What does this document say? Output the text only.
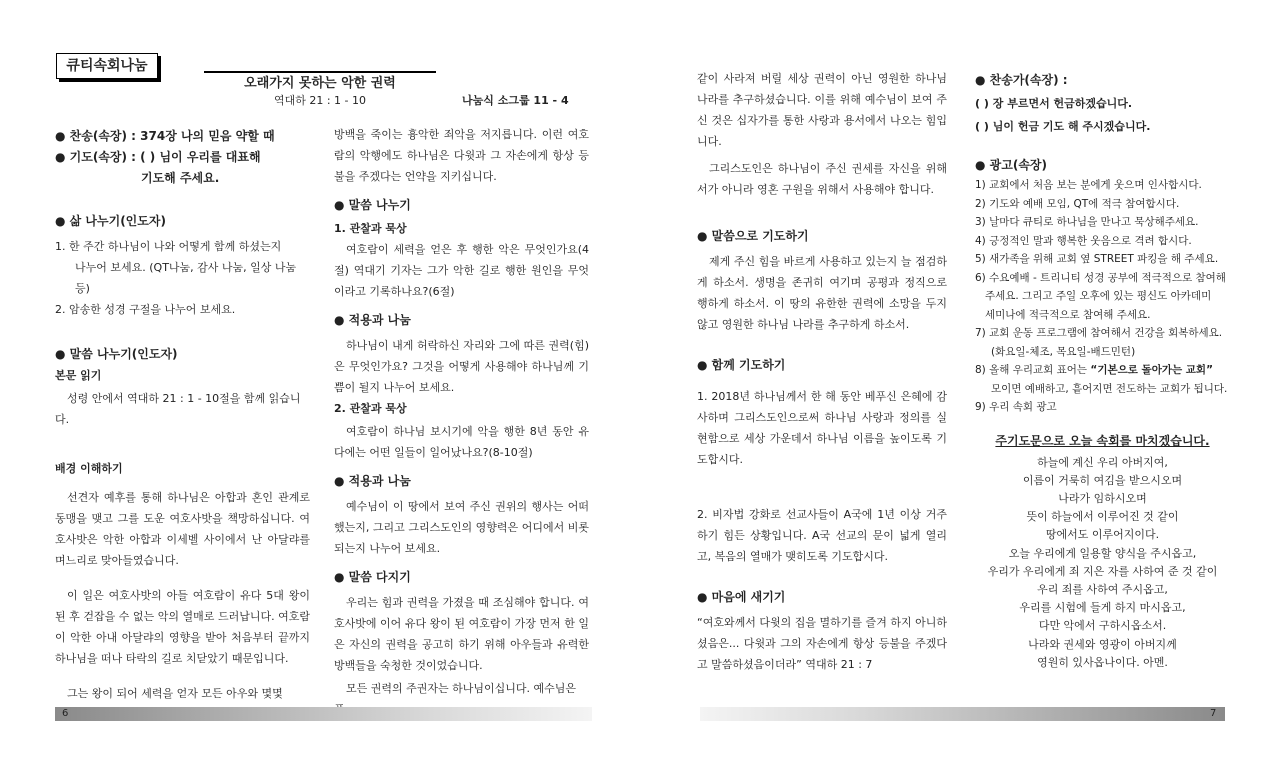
큐티속회나눔
오래가지 못하는 악한 권력
역대하 21 : 1 - 10	나눔식 소그룹 11 - 4

● 찬송(속장) : 374장 나의 믿음 약할 때

● 기도(속장) : ( ) 님이 우리를 대표해

기도해 주세요.

● 삶 나누기(인도자)

1. 한 주간 하나님이 나와 어떻게 함께 하셨는지

나누어 보세요. (QT나눔, 감사 나눔, 일상 나눔 등)

2. 암송한 성경 구절을 나누어 보세요.

● 말씀 나누기(인도자)

본문 읽기

성령 안에서 역대하 21 : 1 - 10절을 함께 읽습니다.

배경 이해하기

선견자 예후를 통해 하나님은 아합과 혼인 관계로 동맹을 맺고 그를 도운 여호사밧을 책망하십니다. 여호사밧은 악한 아합과 이세벨 사이에서 난 아달랴를 며느리로 맞아들였습니다.

이 일은 여호사밧의 아들 여호람이 유다 5대 왕이 된 후 걷잡을 수 없는 악의 열매로 드러납니다. 여호람이 악한 아내 아달랴의 영향을 받아 처음부터 끝까지 하나님을 떠나 타락의 길로 치닫았기 때문입니다.

그는 왕이 되어 세력을 얻자 모든 아우와 몇몇

방백을 죽이는 흉악한 죄악을 저지릅니다. 이런 여호람의 악행에도 하나님은 다윗과 그 자손에게 항상 등불을 주겠다는 언약을 지키십니다.

● 말씀 나누기

1. 관찰과 묵상

여호람이 세력을 얻은 후 행한 악은 무엇인가요(4절) 역대기 기자는 그가 악한 길로 행한 원인을 무엇이라고 기록하나요?(6절)

● 적용과 나눔

하나님이 내게 허락하신 자리와 그에 따른 권력(힘)은 무엇인가요? 그것을 어떻게 사용해야 하나님께 기쁨이 될지 나누어 보세요.

2. 관찰과 묵상

여호람이 하나님 보시기에 악을 행한 8년 동안 유다에는 어떤 일들이 일어났나요?(8-10절)

● 적용과 나눔

예수님이 이 땅에서 보여 주신 권위의 행사는 어떠했는지, 그리고 그리스도인의 영향력은 어디에서 비롯되는지 나누어 보세요.

● 말씀 다지기

우리는 힘과 권력을 가졌을 때 조심해야 합니다. 여호사밧에 이어 유다 왕이 된 여호람이 가장 먼저 한 일은 자신의 권력을 공고히 하기 위해 아우들과 유력한 방백들을 숙청한 것이었습니다.

모든 권력의 주권자는 하나님이십니다. 예수님은

같이 사라져 버릴 세상 권력이 아닌 영원한 하나님 나라를 추구하셨습니다. 이를 위해 예수님이 보여 주신 것은 십자가를 통한 사랑과 용서에서 나오는 힘입니다.

그리스도인은 하나님이 주신 권세를 자신을 위해서가 아니라 영혼 구원을 위해서 사용해야 합니다.

● 말씀으로 기도하기

제게 주신 힘을 바르게 사용하고 있는지 늘 점검하게 하소서. 생명을 존귀히 여기며 공평과 정직으로 행하게 하소서. 이 땅의 유한한 권력에 소망을 두지 않고 영원한 하나님 나라를 추구하게 하소서.

● 함께 기도하기

1. 2018년 하나님께서 한 해 동안 베푸신 은혜에 감사하며 그리스도인으로써 하나님 사랑과 정의를 실현함으로 세상 가운데서 하나님 이름을 높이도록 기도합시다.

2. 비자법 강화로 선교사들이 A국에 1년 이상 거주하기 힘든 상황입니다. A국 선교의 문이 넓게 열리고, 복음의 열매가 맺히도록 기도합시다.

● 마음에 새기기

“여호와께서 다윗의 집을 멸하기를 즐겨 하지 아니하셨음은... 다윗과 그의 자손에게 항상 등불을 주겠다고 말씀하셨음이더라” 역대하 21 : 7

● 찬송가(속장) :

( ) 장 부르면서 헌금하겠습니다.

( ) 님이 헌금 기도 해 주시겠습니다.

● 광고(속장)

1) 교회에서 처음 보는 분에게 웃으며 인사합시다.

2) 기도와 예배 모임, QT에 적극 참여합시다.

3) 날마다 큐티로 하나님을 만나고 묵상해주세요.

4) 긍정적인 말과 행복한 웃음으로 격려 합시다.

5) 새가족을 위해 교회 옆 STREET 파킹을 해 주세요.

6) 수요예배 - 트리니티 성경 공부에 적극적으로 참여해

주세요. 그리고 주일 오후에 있는 평신도 아카데미

세미나에 적극적으로 참여해 주세요.

7) 교회 운동 프로그램에 참여해서 건강을 회복하세요.

(화요일-체조, 목요일-배드민턴)

8) 올해 우리교회 표어는 “기본으로 돌아가는 교회”

모이면 예배하고, 흩어지면 전도하는 교회가 됩니다.

9) 우리 속회 광고

주기도문으로 오늘 속회를 마치겠습니다.

하늘에 계신 우리 아버지여,

이름이 거룩히 여김을 받으시오며

나라가 임하시오며

뜻이 하늘에서 이루어진 것 같이

땅에서도 이루어지이다.

오늘 우리에게 일용할 양식을 주시옵고,

우리가 우리에게 죄 지은 자를 사하여 준 것 같이

우리 죄를 사하여 주시옵고,

우리를 시험에 들게 하지 마시옵고,

다만 악에서 구하시옵소서.

나라와 권세와 영광이 아버지께

영원히 있사옵나이다. 아멘.

6	7
